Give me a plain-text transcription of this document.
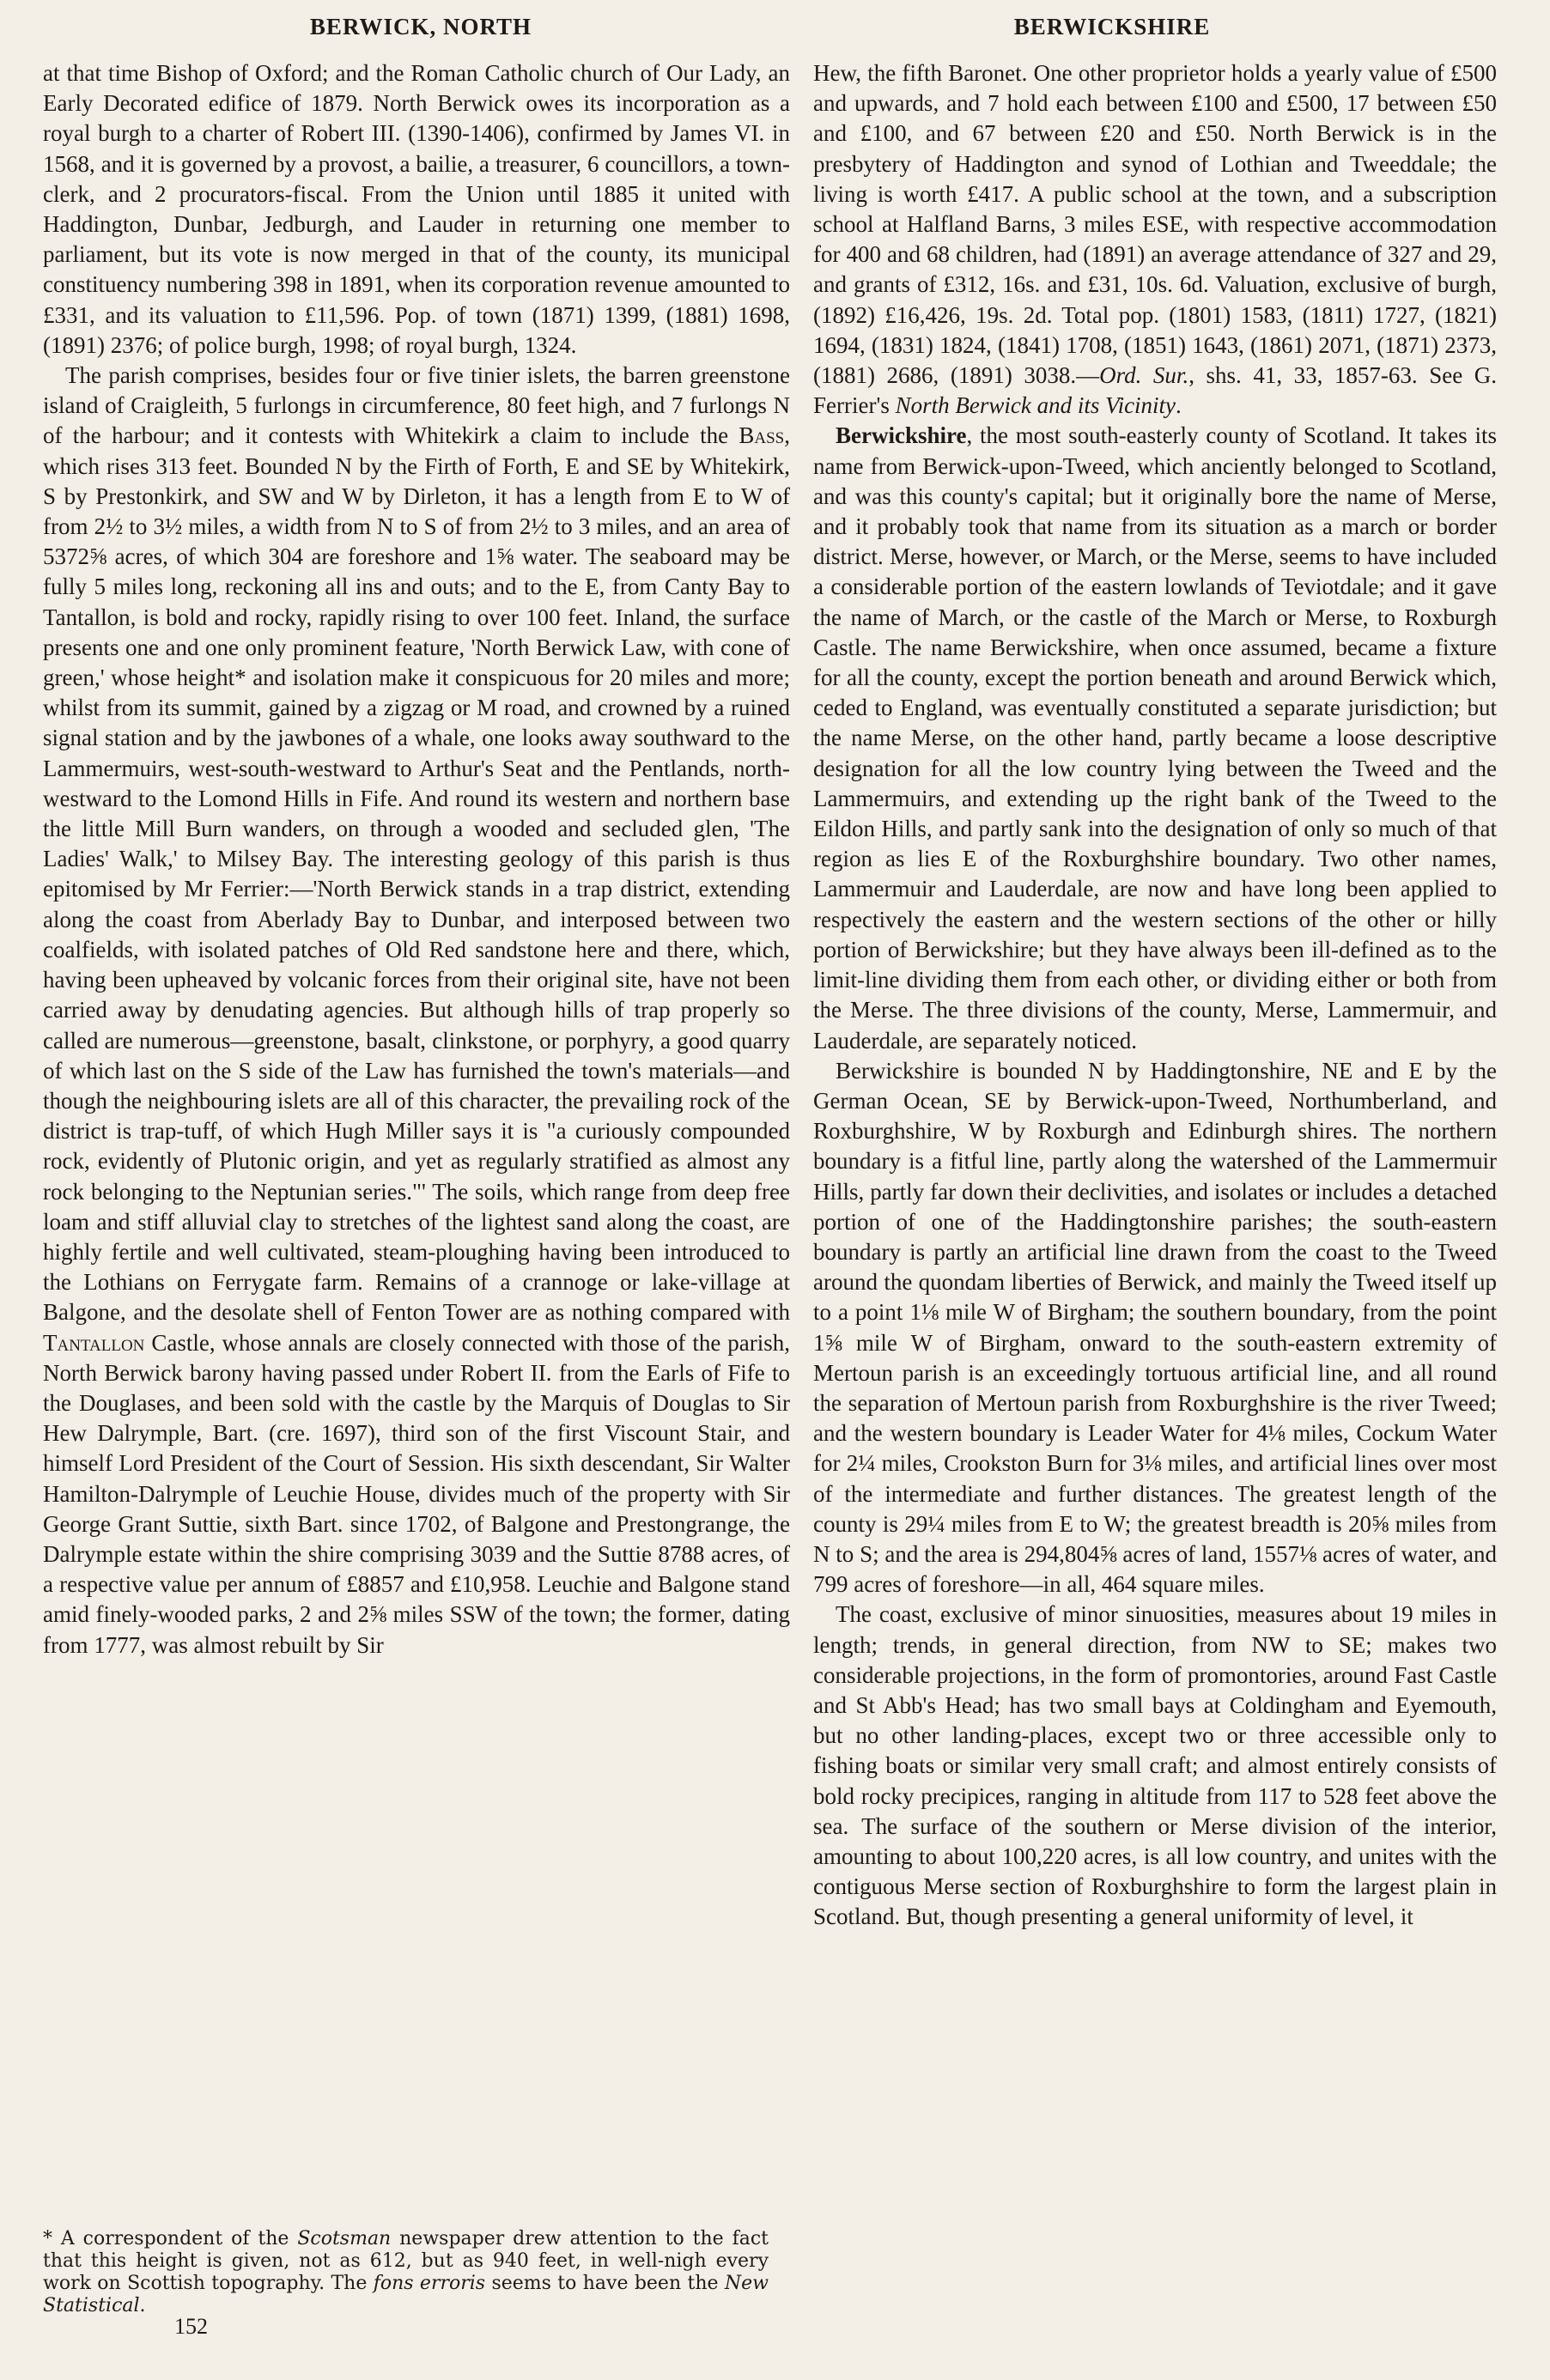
BERWICK, NORTH	BERWICKSHIRE

at that time Bishop of Oxford; and the Roman Catholic church of Our Lady, an Early Decorated edifice of 1879. North Berwick owes its incorporation as a royal burgh to a charter of Robert III. (1390-1406), confirmed by James VI. in 1568, and it is governed by a provost, a bailie, a treasurer, 6 councillors, a town-clerk, and 2 procurators-fiscal. From the Union until 1885 it united with Haddington, Dunbar, Jedburgh, and Lauder in returning one member to parliament, but its vote is now merged in that of the county, its municipal constituency numbering 398 in 1891, when its corporation revenue amounted to £331, and its valuation to £11,596. Pop. of town (1871) 1399, (1881) 1698, (1891) 2376; of police burgh, 1998; of royal burgh, 1324.

The parish comprises, besides four or five tinier islets, the barren greenstone island of Craigleith, 5 furlongs in circumference, 80 feet high, and 7 furlongs N of the harbour; and it contests with Whitekirk a claim to include the Bass, which rises 313 feet. Bounded N by the Firth of Forth, E and SE by Whitekirk, S by Prestonkirk, and SW and W by Dirleton, it has a length from E to W of from 2½ to 3½ miles, a width from N to S of from 2½ to 3 miles, and an area of 5372⅝ acres, of which 304 are foreshore and 1⅝ water. The seaboard may be fully 5 miles long, reckoning all ins and outs; and to the E, from Canty Bay to Tantallon, is bold and rocky, rapidly rising to over 100 feet. Inland, the surface presents one and one only prominent feature, 'North Berwick Law, with cone of green,' whose height* and isolation make it conspicuous for 20 miles and more; whilst from its summit, gained by a zigzag or M road, and crowned by a ruined signal station and by the jawbones of a whale, one looks away southward to the Lammermuirs, west-south-westward to Arthur's Seat and the Pentlands, north-westward to the Lomond Hills in Fife. And round its western and northern base the little Mill Burn wanders, on through a wooded and secluded glen, 'The Ladies' Walk,' to Milsey Bay. The interesting geology of this parish is thus epitomised by Mr Ferrier:—'North Berwick stands in a trap district, extending along the coast from Aberlady Bay to Dunbar, and interposed between two coalfields, with isolated patches of Old Red sandstone here and there, which, having been upheaved by volcanic forces from their original site, have not been carried away by denudating agencies. But although hills of trap properly so called are numerous—greenstone, basalt, clinkstone, or porphyry, a good quarry of which last on the S side of the Law has furnished the town's materials—and though the neighbouring islets are all of this character, the prevailing rock of the district is trap-tuff, of which Hugh Miller says it is "a curiously compounded rock, evidently of Plutonic origin, and yet as regularly stratified as almost any rock belonging to the Neptunian series."' The soils, which range from deep free loam and stiff alluvial clay to stretches of the lightest sand along the coast, are highly fertile and well cultivated, steam-ploughing having been introduced to the Lothians on Ferrygate farm. Remains of a crannoge or lake-village at Balgone, and the desolate shell of Fenton Tower are as nothing compared with Tantallon Castle, whose annals are closely connected with those of the parish, North Berwick barony having passed under Robert II. from the Earls of Fife to the Douglases, and been sold with the castle by the Marquis of Douglas to Sir Hew Dalrymple, Bart. (cre. 1697), third son of the first Viscount Stair, and himself Lord President of the Court of Session. His sixth descendant, Sir Walter Hamilton-Dalrymple of Leuchie House, divides much of the property with Sir George Grant Suttie, sixth Bart. since 1702, of Balgone and Prestongrange, the Dalrymple estate within the shire comprising 3039 and the Suttie 8788 acres, of a respective value per annum of £8857 and £10,958. Leuchie and Balgone stand amid finely-wooded parks, 2 and 2⅝ miles SSW of the town; the former, dating from 1777, was almost rebuilt by Sir

* A correspondent of the Scotsman newspaper drew attention to the fact that this height is given, not as 612, but as 940 feet, in well-nigh every work on Scottish topography. The fons erroris seems to have been the New Statistical.
152

Hew, the fifth Baronet. One other proprietor holds a yearly value of £500 and upwards, and 7 hold each between £100 and £500, 17 between £50 and £100, and 67 between £20 and £50. North Berwick is in the presbytery of Haddington and synod of Lothian and Tweeddale; the living is worth £417. A public school at the town, and a subscription school at Halfland Barns, 3 miles ESE, with respective accommodation for 400 and 68 children, had (1891) an average attendance of 327 and 29, and grants of £312, 16s. and £31, 10s. 6d. Valuation, exclusive of burgh, (1892) £16,426, 19s. 2d. Total pop. (1801) 1583, (1811) 1727, (1821) 1694, (1831) 1824, (1841) 1708, (1851) 1643, (1861) 2071, (1871) 2373, (1881) 2686, (1891) 3038.—Ord. Sur., shs. 41, 33, 1857-63. See G. Ferrier's North Berwick and its Vicinity.

Berwickshire, the most south-easterly county of Scotland. It takes its name from Berwick-upon-Tweed, which anciently belonged to Scotland, and was this county's capital; but it originally bore the name of Merse, and it probably took that name from its situation as a march or border district. Merse, however, or March, or the Merse, seems to have included a considerable portion of the eastern lowlands of Teviotdale; and it gave the name of March, or the castle of the March or Merse, to Roxburgh Castle. The name Berwickshire, when once assumed, became a fixture for all the county, except the portion beneath and around Berwick which, ceded to England, was eventually constituted a separate jurisdiction; but the name Merse, on the other hand, partly became a loose descriptive designation for all the low country lying between the Tweed and the Lammermuirs, and extending up the right bank of the Tweed to the Eildon Hills, and partly sank into the designation of only so much of that region as lies E of the Roxburghshire boundary. Two other names, Lammermuir and Lauderdale, are now and have long been applied to respectively the eastern and the western sections of the other or hilly portion of Berwickshire; but they have always been ill-defined as to the limit-line dividing them from each other, or dividing either or both from the Merse. The three divisions of the county, Merse, Lammermuir, and Lauderdale, are separately noticed.

Berwickshire is bounded N by Haddingtonshire, NE and E by the German Ocean, SE by Berwick-upon-Tweed, Northumberland, and Roxburghshire, W by Roxburgh and Edinburgh shires. The northern boundary is a fitful line, partly along the watershed of the Lammermuir Hills, partly far down their declivities, and isolates or includes a detached portion of one of the Haddingtonshire parishes; the south-eastern boundary is partly an artificial line drawn from the coast to the Tweed around the quondam liberties of Berwick, and mainly the Tweed itself up to a point 1⅛ mile W of Birgham; the southern boundary, from the point 1⅝ mile W of Birgham, onward to the south-eastern extremity of Mertoun parish is an exceedingly tortuous artificial line, and all round the separation of Mertoun parish from Roxburghshire is the river Tweed; and the western boundary is Leader Water for 4⅛ miles, Cockum Water for 2¼ miles, Crookston Burn for 3⅛ miles, and artificial lines over most of the intermediate and further distances. The greatest length of the county is 29¼ miles from E to W; the greatest breadth is 20⅝ miles from N to S; and the area is 294,804⅝ acres of land, 1557⅛ acres of water, and 799 acres of foreshore—in all, 464 square miles.

The coast, exclusive of minor sinuosities, measures about 19 miles in length; trends, in general direction, from NW to SE; makes two considerable projections, in the form of promontories, around Fast Castle and St Abb's Head; has two small bays at Coldingham and Eyemouth, but no other landing-places, except two or three accessible only to fishing boats or similar very small craft; and almost entirely consists of bold rocky precipices, ranging in altitude from 117 to 528 feet above the sea. The surface of the southern or Merse division of the interior, amounting to about 100,220 acres, is all low country, and unites with the contiguous Merse section of Roxburghshire to form the largest plain in Scotland. But, though presenting a general uniformity of level, it
